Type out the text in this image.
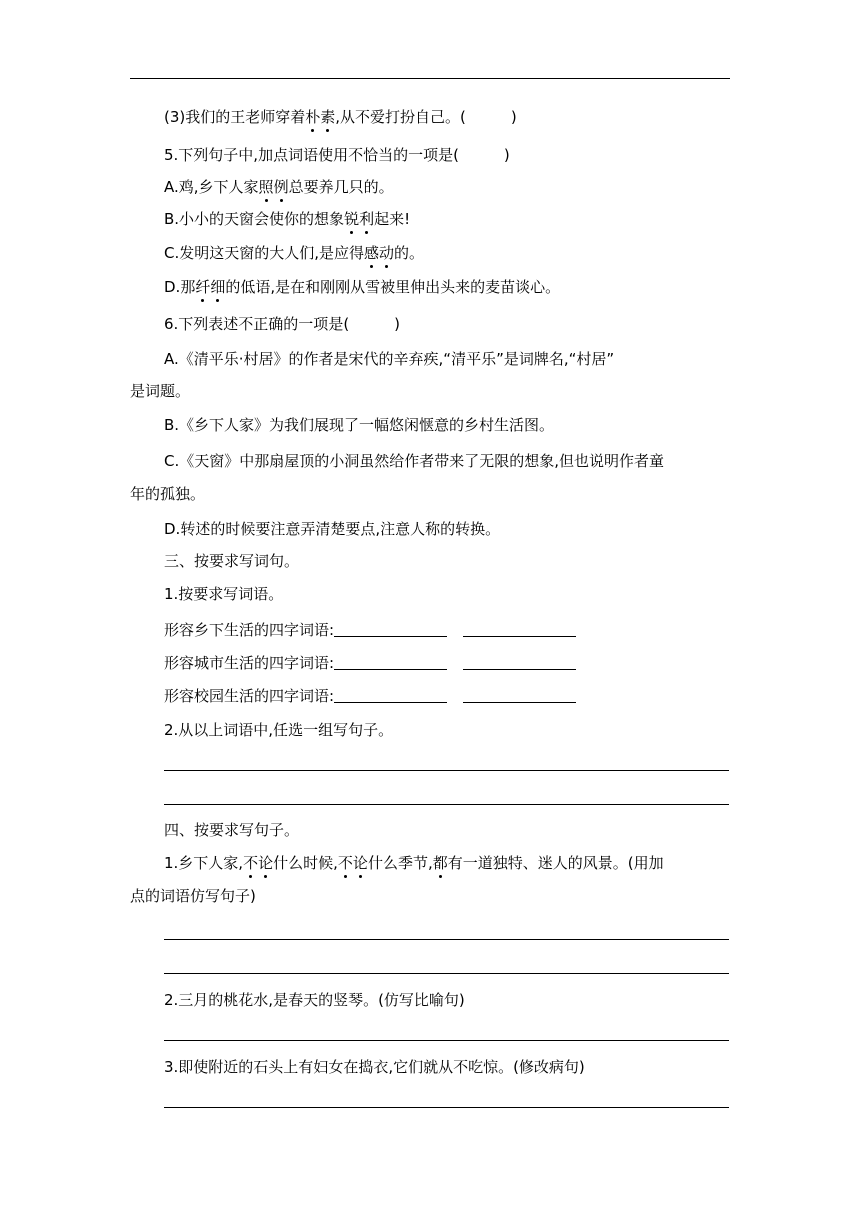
(3)我们的王老师穿着朴素,从不爱打扮自己。(　　　)
5.下列句子中,加点词语使用不恰当的一项是(　　　)
A.鸡,乡下人家照例总要养几只的。
B.小小的天窗会使你的想象锐利起来!
C.发明这天窗的大人们,是应得感动的。
D.那纤细的低语,是在和刚刚从雪被里伸出头来的麦苗谈心。
6.下列表述不正确的一项是(　　　)
A.《清平乐·村居》的作者是宋代的辛弃疾,“清平乐”是词牌名,“村居”
是词题。
B.《乡下人家》为我们展现了一幅悠闲惬意的乡村生活图。
C.《天窗》中那扇屋顶的小洞虽然给作者带来了无限的想象,但也说明作者童
年的孤独。
D.转述的时候要注意弄清楚要点,注意人称的转换。
三、按要求写词句。
1.按要求写词语。
形容乡下生活的四字词语:
形容城市生活的四字词语:
形容校园生活的四字词语:
2.从以上词语中,任选一组写句子。
四、按要求写句子。
1.乡下人家,不论什么时候,不论什么季节,都有一道独特、迷人的风景。(用加
点的词语仿写句子)
2.三月的桃花水,是春天的竖琴。(仿写比喻句)
3.即使附近的石头上有妇女在捣衣,它们就从不吃惊。(修改病句)
